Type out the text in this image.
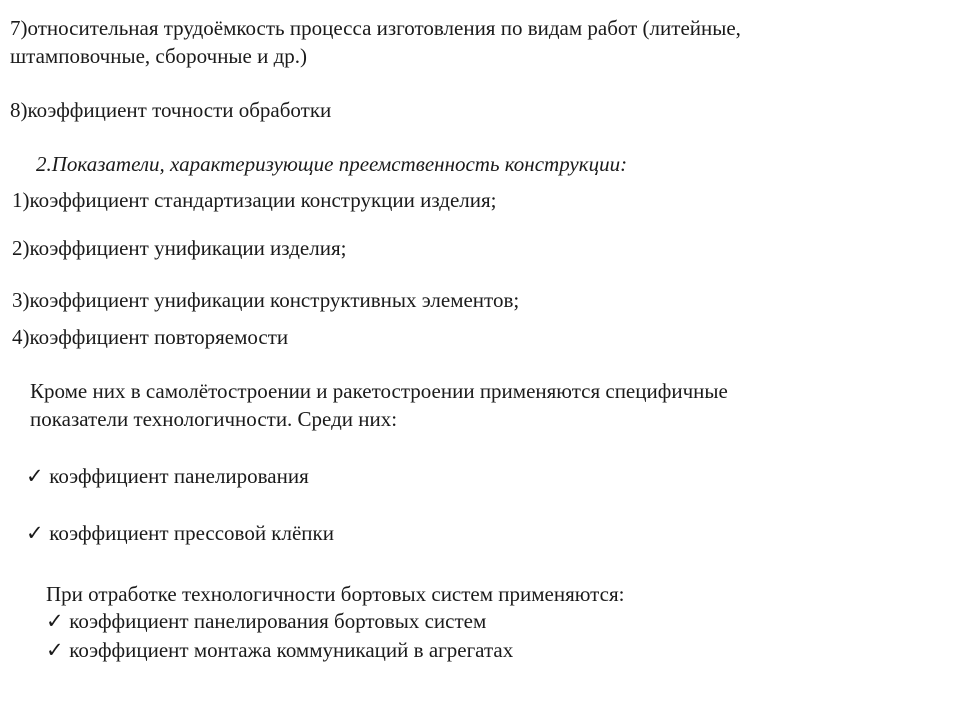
7)относительная трудоёмкость процесса изготовления по видам работ (литейные,
штамповочные, сборочные и др.)
8)коэффициент точности обработки
2.Показатели, характеризующие преемственность конструкции:
1)коэффициент стандартизации конструкции изделия;
2)коэффициент унификации изделия;
3)коэффициент унификации конструктивных элементов;
4)коэффициент повторяемости
Кроме них в самолётостроении и ракетостроении применяются специфичные
показатели технологичности. Среди них:
✓ коэффициент панелирования
✓ коэффициент прессовой клёпки
При отработке технологичности бортовых систем применяются:
✓ коэффициент панелирования бортовых систем
✓ коэффициент монтажа коммуникаций в агрегатах
